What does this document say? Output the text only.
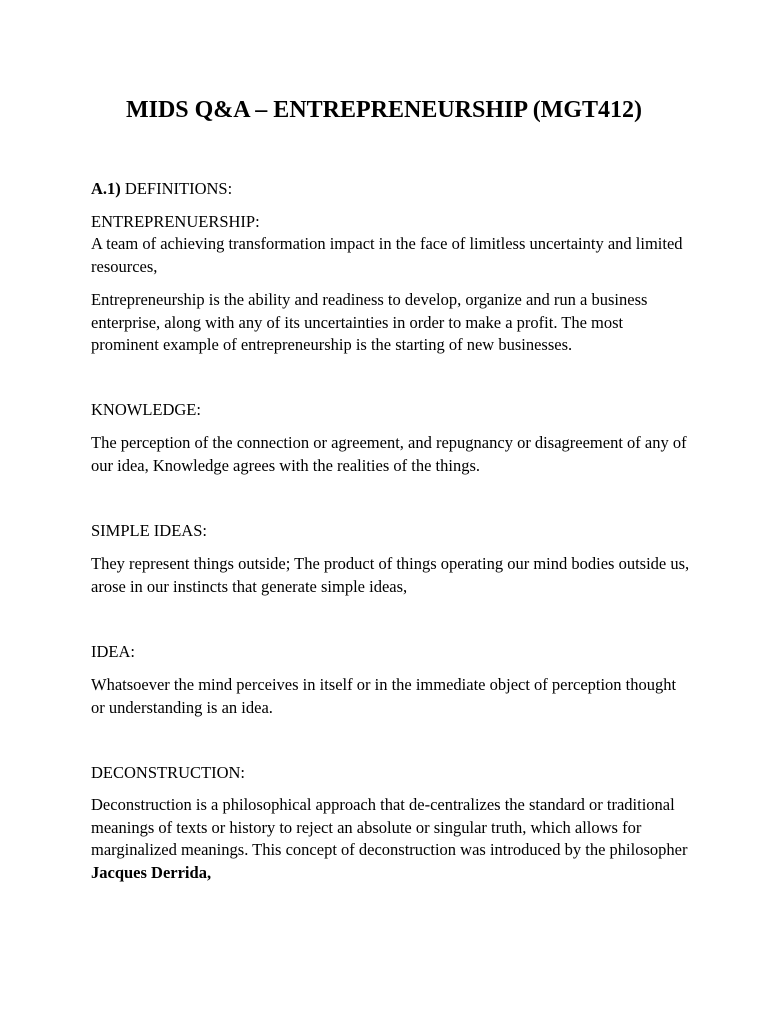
MIDS Q&A – ENTREPRENEURSHIP (MGT412)

A.1) DEFINITIONS:

ENTREPRENUERSHIP:

A team of achieving transformation impact in the face of limitless uncertainty and limited resources,

Entrepreneurship is the ability and readiness to develop, organize and run a business enterprise, along with any of its uncertainties in order to make a profit. The most prominent example of entrepreneurship is the starting of new businesses.

KNOWLEDGE:

The perception of the connection or agreement, and repugnancy or disagreement of any of our idea, Knowledge agrees with the realities of the things.

SIMPLE IDEAS:

They represent things outside; The product of things operating our mind bodies outside us, arose in our instincts that generate simple ideas,

IDEA:

Whatsoever the mind perceives in itself or in the immediate object of perception thought or understanding is an idea.

DECONSTRUCTION:

Deconstruction is a philosophical approach that de-centralizes the standard or traditional meanings of texts or history to reject an absolute or singular truth, which allows for marginalized meanings. This concept of deconstruction was introduced by the philosopher Jacques Derrida,
